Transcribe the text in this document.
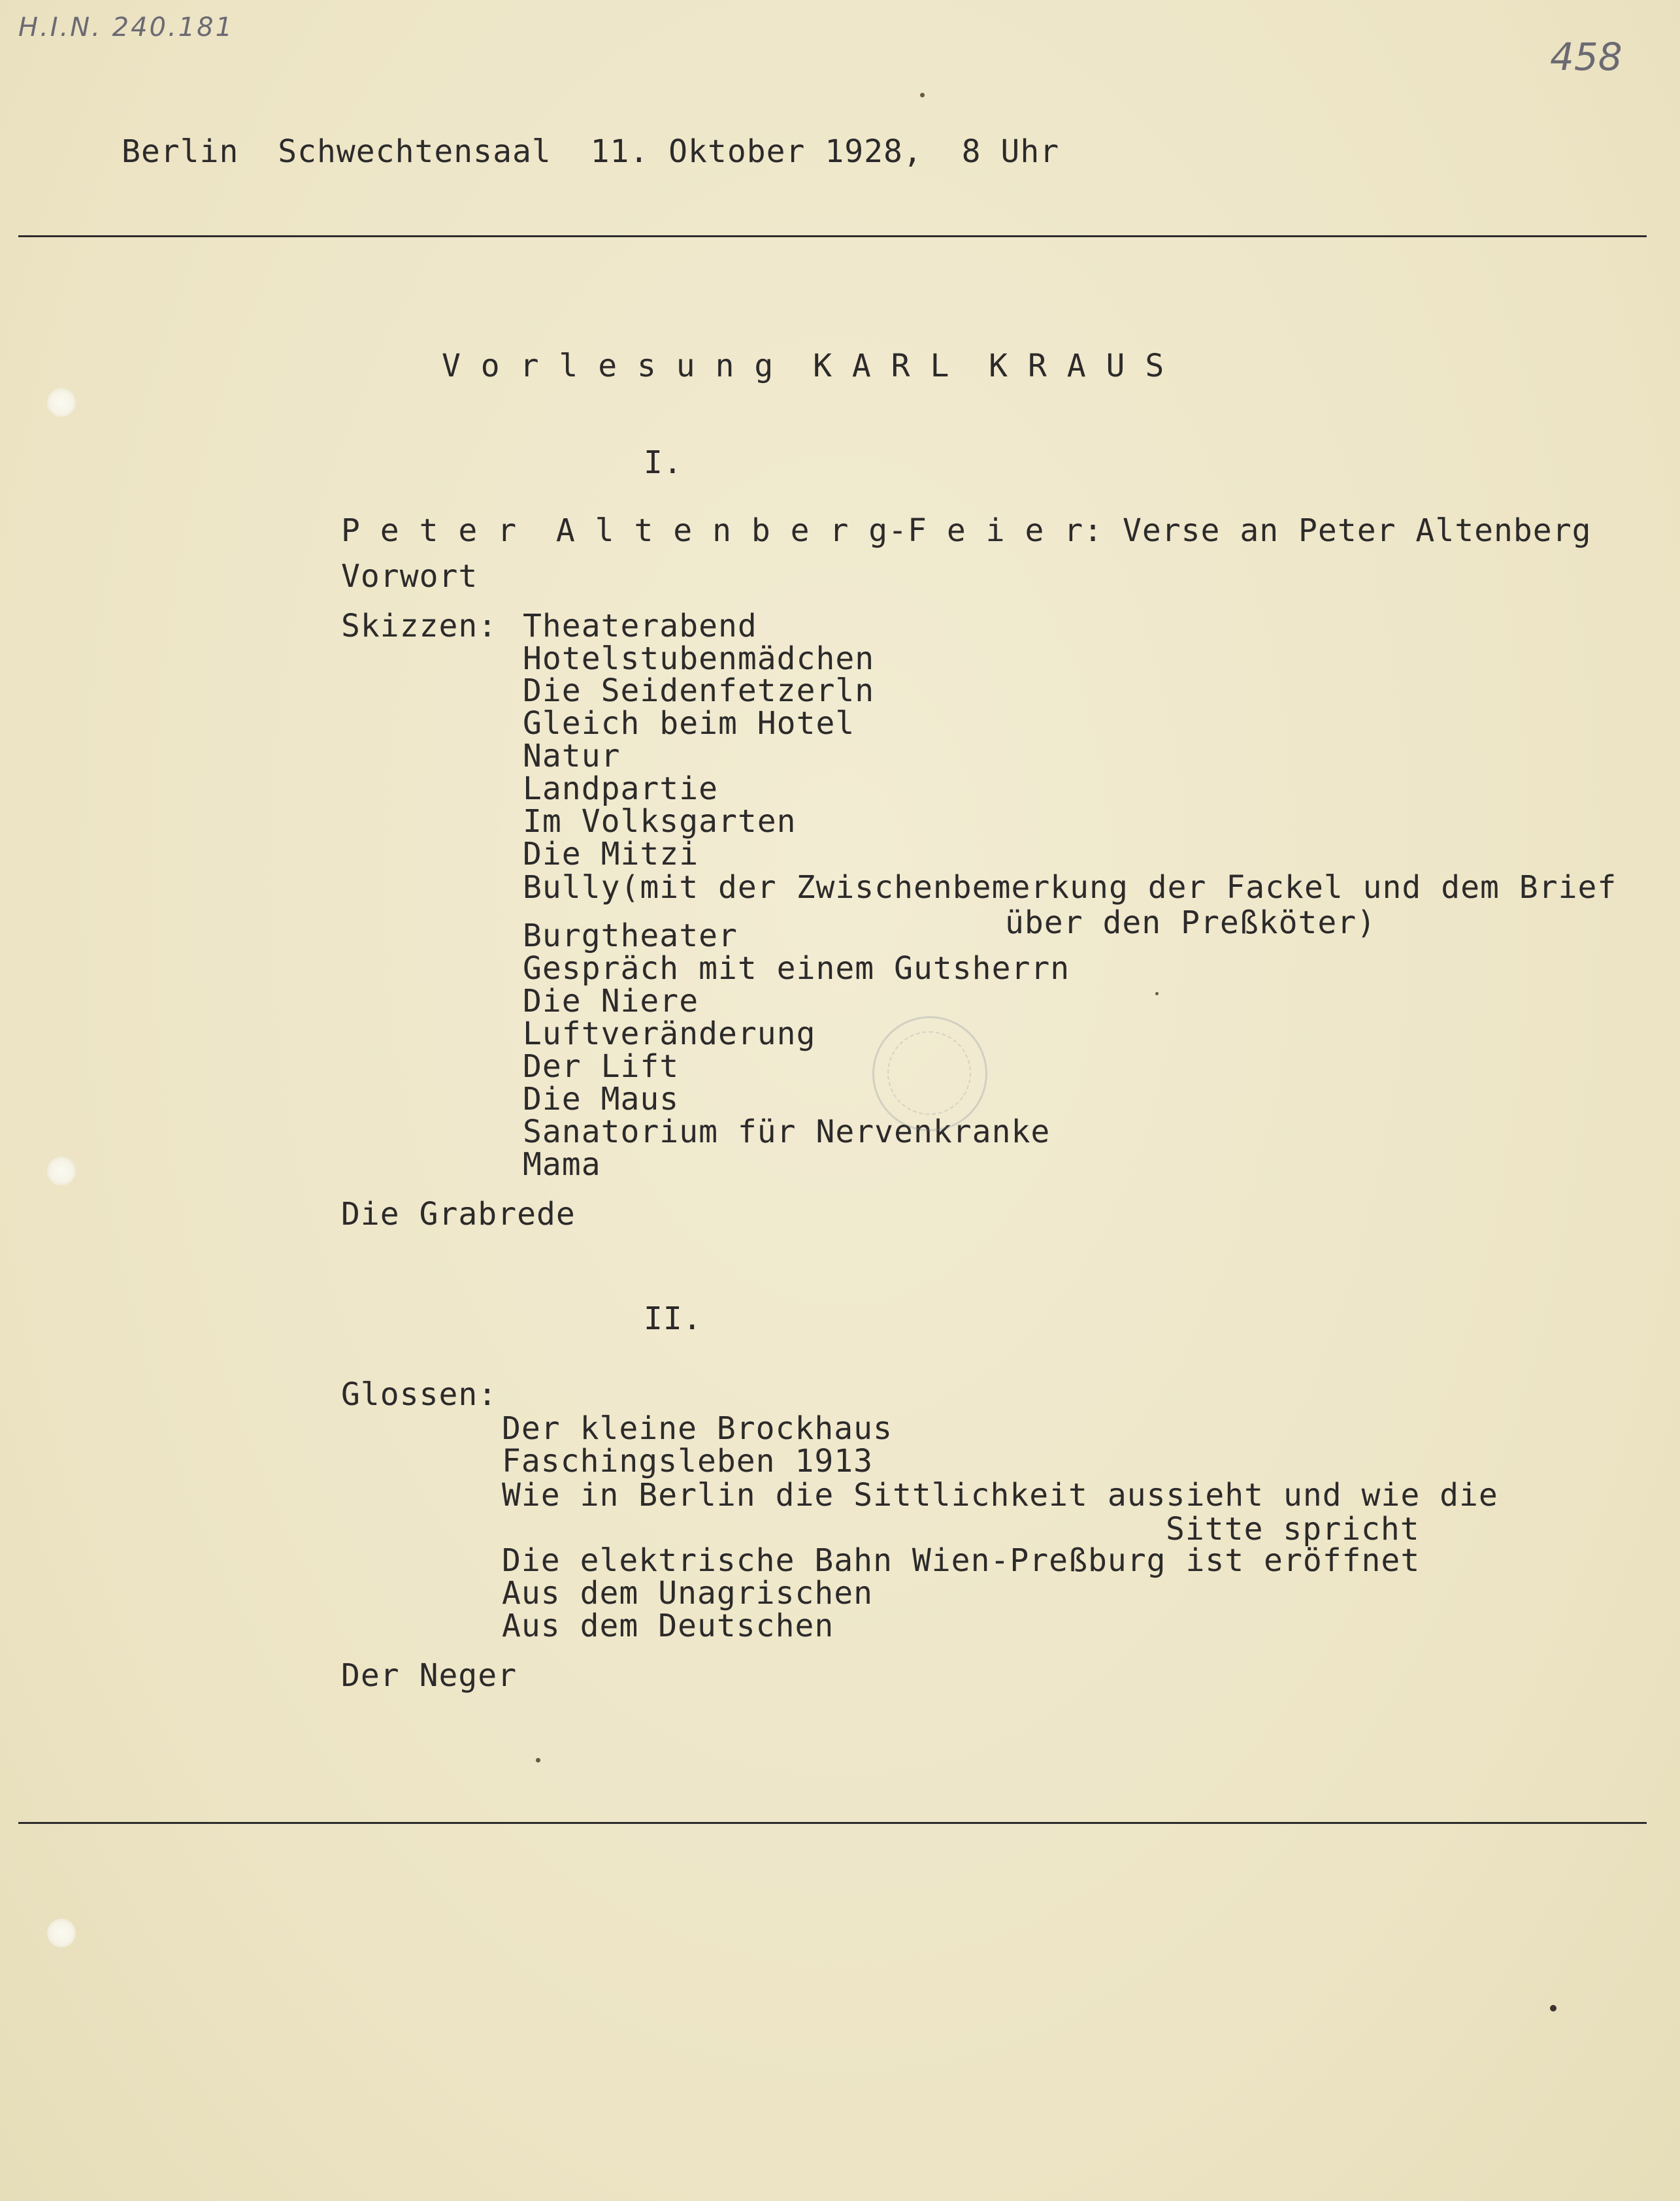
H.I.N. 240.181
458
Berlin  Schwechtensaal  11. Oktober 1928,  8 Uhr
V o r l e s u n g  K A R L  K R A U S
I.
P e t e r  A l t e n b e r g-F e i e r: Verse an Peter Altenberg
Vorwort
Skizzen: Theaterabend
Hotelstubenmädchen
Die Seidenfetzerln
Gleich beim Hotel
Natur
Landpartie
Im Volksgarten
Die Mitzi
Bully(mit der Zwischenbemerkung der Fackel und dem Brief
über den Preßköter)
Burgtheater
Gespräch mit einem Gutsherrn
Die Niere
Luftveränderung
Der Lift
Die Maus
Sanatorium für Nervenkranke
Mama
Die Grabrede
II.
Glossen:
Der kleine Brockhaus
Faschingsleben 1913
Wie in Berlin die Sittlichkeit aussieht und wie die
Sitte spricht
Die elektrische Bahn Wien-Preßburg ist eröffnet
Aus dem Unagrischen
Aus dem Deutschen
Der Neger
